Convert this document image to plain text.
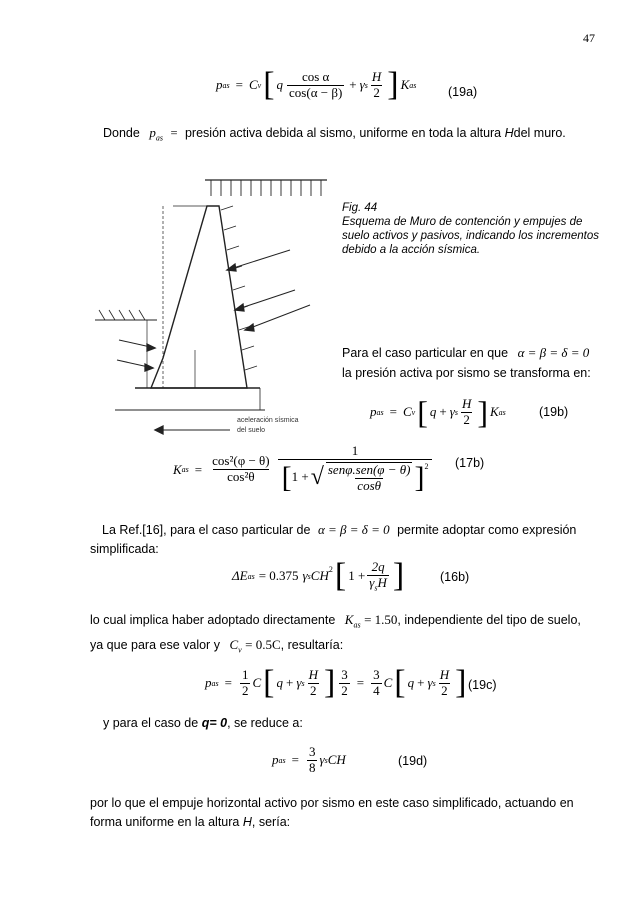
47
p as = C v [ q $\frac{\text{cos α}}{\cos(\alpha - \beta)} + \gamma$ s $\frac{H}{2}$ ] K as	(19a)
Donde $p_{as}$ = presión activa debida al sismo, uniforme en toda la altura Hdel muro.
aceleración sísmica
del suelo
Fig. 44
Esquema de Muro de contención y empujes de suelo activos y pasivos, indicando los incrementos debido a la acción sísmica.
Para el caso particular en que α = β = δ = 0
la presión activa por sismo se transforma en:
p as = C v [ q + γ s $\frac{H}{2}$ ] K as	(19b)
K as = $\frac{\text{cos²(φ − θ)}}{\text{cos²θ}} \frac{1}{[ 1 + √ \frac{\text{senφ.sen(φ − θ)}}{\cos\theta} ]^2} (17b)$

La Ref.[16], para el caso particular de α = β = δ = 0 permite adoptar como expresión

simplificada:

ΔE as = 0.375 γ s $CH^2$ [ $1 + \frac{2q}{\gamma_sH}$ ]	(16b)

lo cual implica haber adoptado directamente $K_{as} = 1.50$, independiente del tipo de suelo,

ya que para ese valor y $C_v = 0.5C$, resultaría:

p as = $\frac{1}{2}$ C [ q + γ s $\frac{H}{2}$ ] $\frac{3}{2} = \frac{3}{4}$ C [ q + γ s $\frac{H}{2}$ ] (19c)
y para el caso de q= 0, se reduce a:
p as = $\frac{3}{8}$ γ s CH	(19d)

por lo que el empuje horizontal activo por sismo en este caso simplificado, actuando en

forma uniforme en la altura H, sería:
